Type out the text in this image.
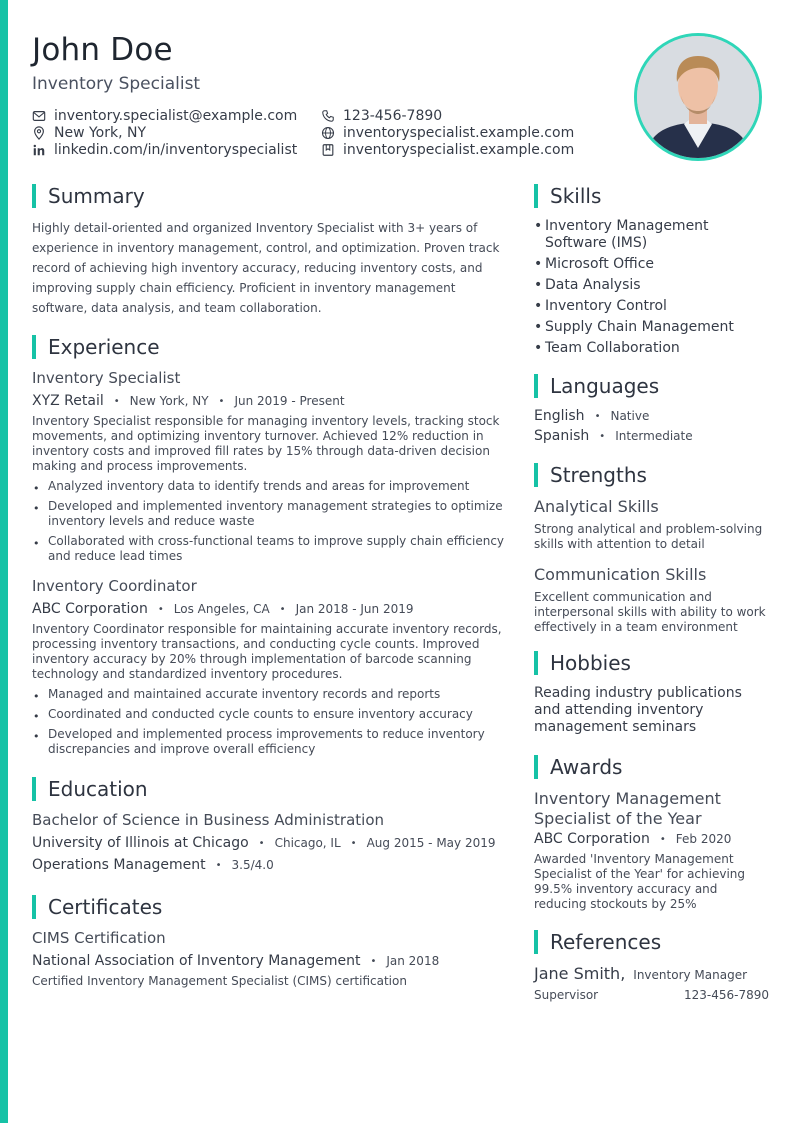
John Doe
Inventory Specialist
inventory.specialist@example.com	123-456-7890
New York, NY	inventoryspecialist.example.com
linkedin.com/in/inventoryspecialist	inventoryspecialist.example.com
Summary
Highly detail-oriented and organized Inventory Specialist with 3+ years of experience in inventory management, control, and optimization. Proven track record of achieving high inventory accuracy, reducing inventory costs, and improving supply chain efficiency. Proficient in inventory management software, data analysis, and team collaboration.
Experience
Inventory Specialist
XYZ Retail • New York, NY • Jun 2019 - Present
Inventory Specialist responsible for managing inventory levels, tracking stock movements, and optimizing inventory turnover. Achieved 12% reduction in inventory costs and improved fill rates by 15% through data-driven decision making and process improvements.
• Analyzed inventory data to identify trends and areas for improvement
• Developed and implemented inventory management strategies to optimize inventory levels and reduce waste
• Collaborated with cross-functional teams to improve supply chain efficiency and reduce lead times
Inventory Coordinator
ABC Corporation • Los Angeles, CA • Jan 2018 - Jun 2019
Inventory Coordinator responsible for maintaining accurate inventory records, processing inventory transactions, and conducting cycle counts. Improved inventory accuracy by 20% through implementation of barcode scanning technology and standardized inventory procedures.
• Managed and maintained accurate inventory records and reports
• Coordinated and conducted cycle counts to ensure inventory accuracy
• Developed and implemented process improvements to reduce inventory discrepancies and improve overall efficiency
Education
Bachelor of Science in Business Administration
University of Illinois at Chicago • Chicago, IL • Aug 2015 - May 2019
Operations Management • 3.5/4.0
Certificates
CIMS Certification
National Association of Inventory Management • Jan 2018
Certified Inventory Management Specialist (CIMS) certification
Skills
• Inventory Management Software (IMS)
• Microsoft Office
• Data Analysis
• Inventory Control
• Supply Chain Management
• Team Collaboration
Languages
English • Native
Spanish • Intermediate
Strengths
Analytical Skills
Strong analytical and problem-solving skills with attention to detail
Communication Skills
Excellent communication and interpersonal skills with ability to work effectively in a team environment
Hobbies
Reading industry publications and attending inventory management seminars
Awards
Inventory Management Specialist of the Year
ABC Corporation • Feb 2020
Awarded 'Inventory Management Specialist of the Year' for achieving 99.5% inventory accuracy and reducing stockouts by 25%
References
Jane Smith, Inventory Manager
Supervisor	123-456-7890
